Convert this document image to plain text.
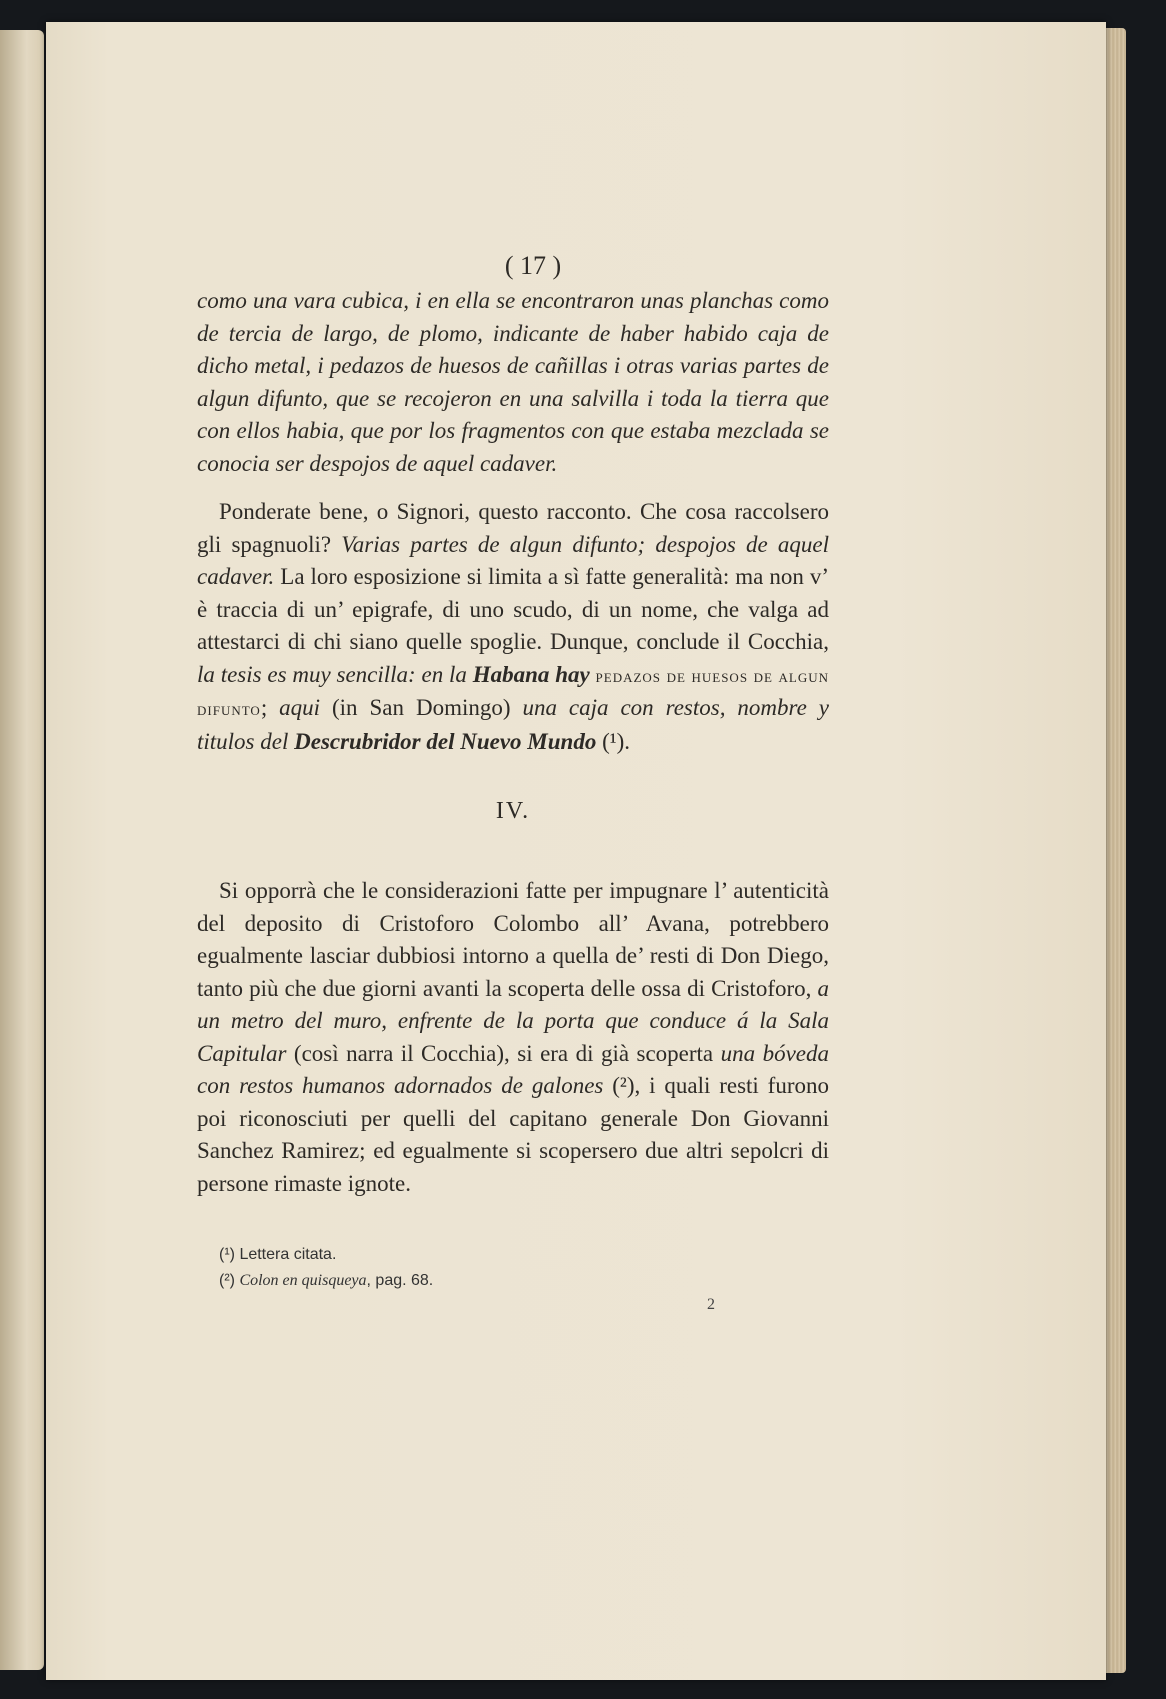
( 17 )

como una vara cubica, i en ella se encontraron unas planchas como de tercia de largo, de plomo, indicante de haber habido caja de dicho metal, i pedazos de huesos de cañillas i otras varias partes de algun difunto, que se recojeron en una salvilla i toda la tierra que con ellos habia, que por los fragmentos con que estaba mezclada se conocia ser despojos de aquel cadaver.

Ponderate bene, o Signori, questo racconto. Che cosa raccolsero gli spagnuoli? Varias partes de algun difunto; despojos de aquel cadaver. La loro esposizione si limita a sì fatte generalità: ma non v’ è traccia di un’ epigrafe, di uno scudo, di un nome, che valga ad attestarci di chi siano quelle spoglie. Dunque, conclude il Cocchia, la tesis es muy sencilla: en la Habana hay pedazos de huesos de algun difunto; aqui (in San Domingo) una caja con restos, nombre y titulos del Descrubridor del Nuevo Mundo (¹).

IV.

Si opporrà che le considerazioni fatte per impugnare l’ autenticità del deposito di Cristoforo Colombo all’ Avana, potrebbero egualmente lasciar dubbiosi intorno a quella de’ resti di Don Diego, tanto più che due giorni avanti la scoperta delle ossa di Cristoforo, a un metro del muro, enfrente de la porta que conduce á la Sala Capitular (così narra il Cocchia), si era di già scoperta una bóveda con restos humanos adornados de galones (²), i quali resti furono poi riconosciuti per quelli del capitano generale Don Giovanni Sanchez Ramirez; ed egualmente si scopersero due altri sepolcri di persone rimaste ignote.

(¹) Lettera citata.
(²) Colon en quisqueya, pag. 68.
2
